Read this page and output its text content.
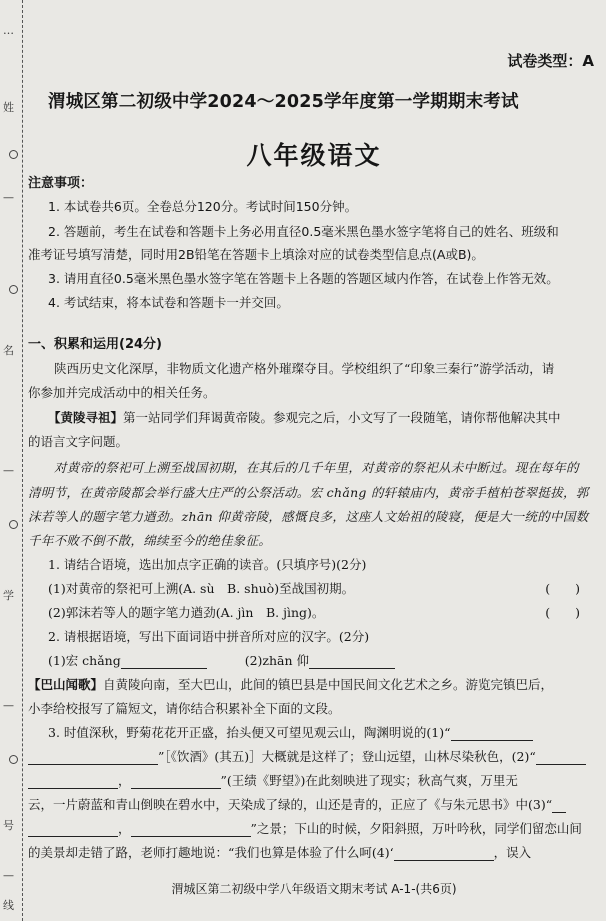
…
姓
—
名
—
学
—
号
—
线
试卷类型：A
渭城区第二初级中学2024～2025学年度第一学期期末考试
八年级语文
注意事项：
1. 本试卷共6页。全卷总分120分。考试时间150分钟。
2. 答题前，考生在试卷和答题卡上务必用直径0.5毫米黑色墨水签字笔将自己的姓名、班级和
准考证号填写清楚，同时用2B铅笔在答题卡上填涂对应的试卷类型信息点(A或B)。
3. 请用直径0.5毫米黑色墨水签字笔在答题卡上各题的答题区域内作答，在试卷上作答无效。
4. 考试结束，将本试卷和答题卡一并交回。
一、积累和运用(24分)
陕西历史文化深厚，非物质文化遗产格外璀璨夺目。学校组织了“印象三秦行”游学活动，请
你参加并完成活动中的相关任务。
【黄陵寻祖】第一站同学们拜谒黄帝陵。参观完之后，小文写了一段随笔，请你帮他解决其中
的语言文字问题。
对黄帝的祭祀可上溯至战国初期，在其后的几千年里，对黄帝的祭祀从未中断过。现在每年的
清明节，在黄帝陵都会举行盛大庄严的公祭活动。宏 chǎng 的轩辕庙内，黄帝手植柏苍翠挺拔，郭
沫若等人的题字笔力遒劲。zhān 仰黄帝陵，感慨良多，这座人文始祖的陵寝，便是大一统的中国数
千年不败不倒不散，绵续至今的绝佳象征。
1. 请结合语境，选出加点字正确的读音。(只填序号)(2分)
(1)对黄帝的祭祀可上溯(A. sù　B. shuò)至战国初期。	(　　)
(2)郭沫若等人的题字笔力遒劲(A. jìn　B. jìng)。	(　　)
2. 请根据语境，写出下面词语中拼音所对应的汉字。(2分)
(1)宏 chǎng	(2)zhān 仰
【巴山闻歌】自黄陵向南，至大巴山，此间的镇巴县是中国民间文化艺术之乡。游览完镇巴后，
小李给校报写了篇短文，请你结合积累补全下面的文段。
3. 时值深秋，野菊花花开正盛，抬头便又可望见观云山，陶渊明说的(1)“
”［《饮酒》(其五)］大概就是这样了；登山远望，山林尽染秋色，(2)“
，	”(王绩《野望》)在此刻映进了现实；秋高气爽，万里无
云，一片蔚蓝和青山倒映在碧水中，天染成了绿的，山还是青的，正应了《与朱元思书》中(3)“
，	”之景；下山的时候，夕阳斜照，万叶吟秋，同学们留恋山间
的美景却走错了路，老师打趣地说：“我们也算是体验了什么呵(4)‘	，误入
渭城区第二初级中学八年级语文期末考试 A-1-(共6页)
